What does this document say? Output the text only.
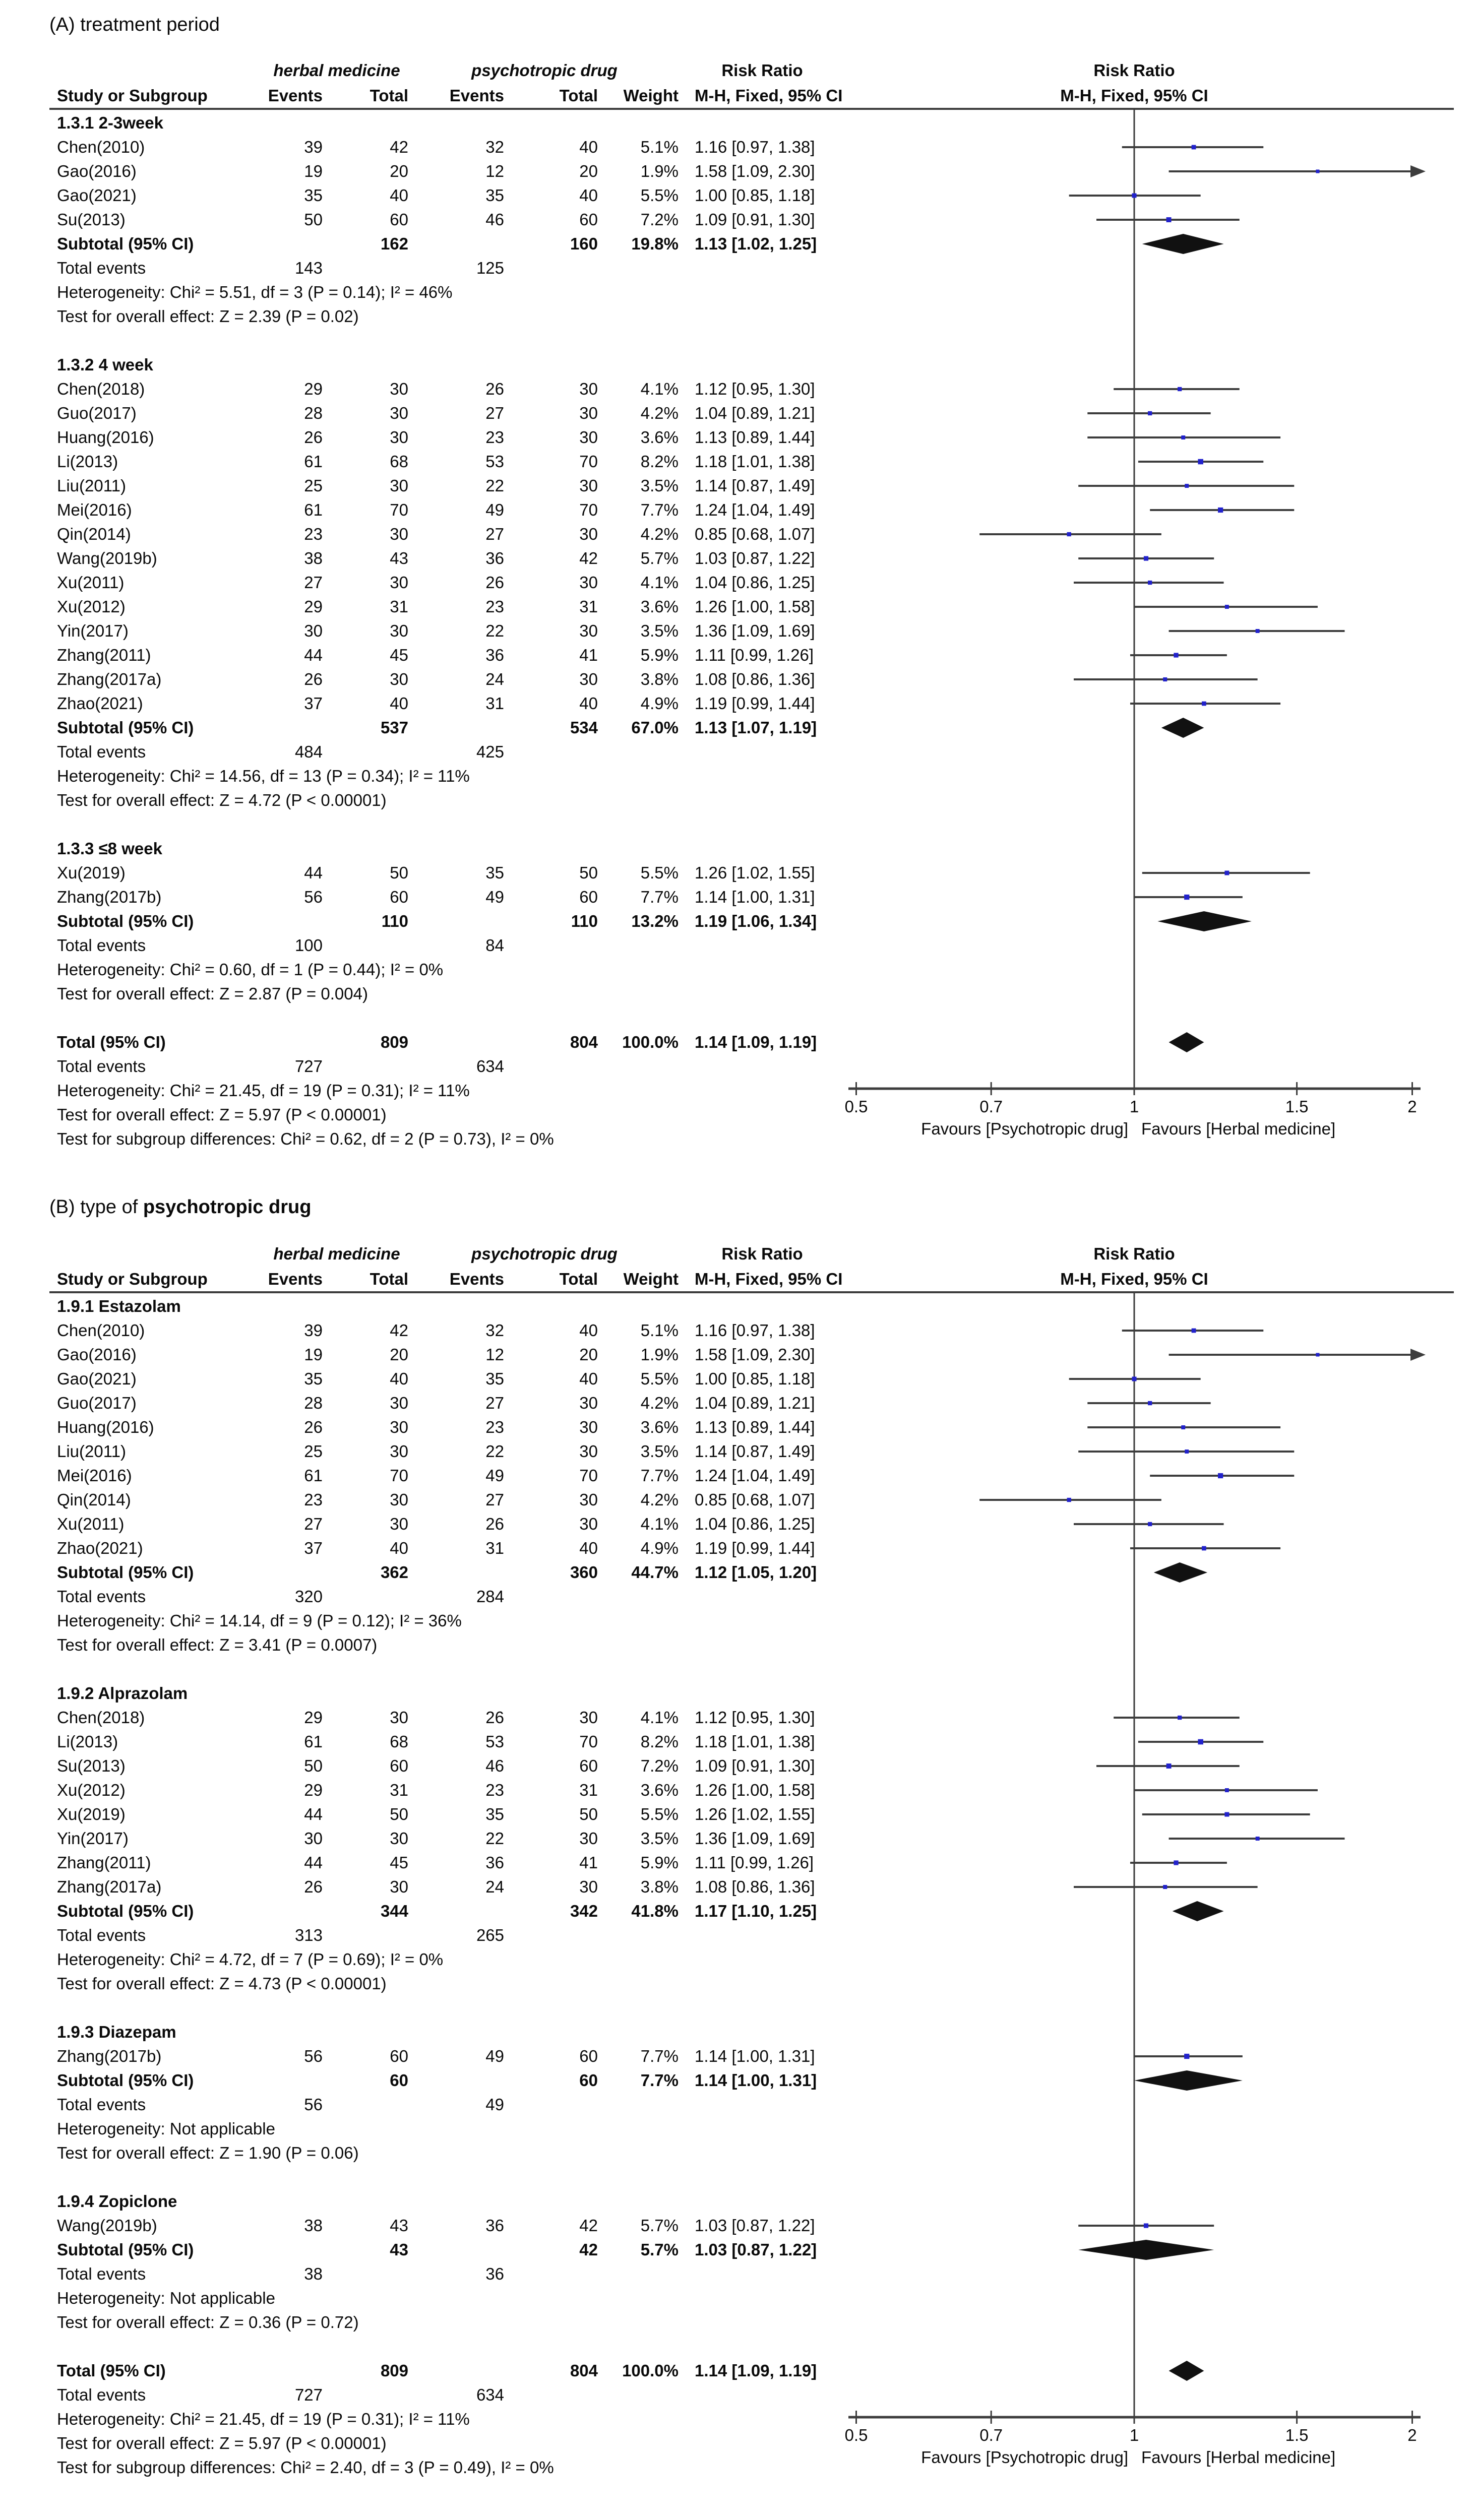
(A) treatment period
herbal medicine	psychotropic drug	Risk Ratio	Risk Ratio
Study or Subgroup	Events	Total	Events	Total	Weight M-H, Fixed, 95% CI	M-H, Fixed, 95% CI
1.3.1 2-3week
Chen(2010)	39	42	32	40	5.1% 1.16 [0.97, 1.38]
Gao(2016)	19	20	12	20	1.9% 1.58 [1.09, 2.30]
Gao(2021)	35	40	35	40	5.5% 1.00 [0.85, 1.18]
Su(2013)	50	60	46	60	7.2% 1.09 [0.91, 1.30]
Subtotal (95% CI)	162	160	19.8% 1.13 [1.02, 1.25]
Total events	143	125
Heterogeneity: Chi² = 5.51, df = 3 (P = 0.14); I² = 46%
Test for overall effect: Z = 2.39 (P = 0.02)
1.3.2 4 week
Chen(2018)	29	30	26	30	4.1% 1.12 [0.95, 1.30]
Guo(2017)	28	30	27	30	4.2% 1.04 [0.89, 1.21]
Huang(2016)	26	30	23	30	3.6% 1.13 [0.89, 1.44]
Li(2013)	61	68	53	70	8.2% 1.18 [1.01, 1.38]
Liu(2011)	25	30	22	30	3.5% 1.14 [0.87, 1.49]
Mei(2016)	61	70	49	70	7.7% 1.24 [1.04, 1.49]
Qin(2014)	23	30	27	30	4.2% 0.85 [0.68, 1.07]
Wang(2019b)	38	43	36	42	5.7% 1.03 [0.87, 1.22]
Xu(2011)	27	30	26	30	4.1% 1.04 [0.86, 1.25]
Xu(2012)	29	31	23	31	3.6% 1.26 [1.00, 1.58]
Yin(2017)	30	30	22	30	3.5% 1.36 [1.09, 1.69]
Zhang(2011)	44	45	36	41	5.9% 1.11 [0.99, 1.26]
Zhang(2017a)	26	30	24	30	3.8% 1.08 [0.86, 1.36]
Zhao(2021)	37	40	31	40	4.9% 1.19 [0.99, 1.44]
Subtotal (95% CI)	537	534	67.0% 1.13 [1.07, 1.19]
Total events	484	425
Heterogeneity: Chi² = 14.56, df = 13 (P = 0.34); I² = 11%
Test for overall effect: Z = 4.72 (P < 0.00001)
1.3.3 ≤8 week
Xu(2019)	44	50	35	50	5.5% 1.26 [1.02, 1.55]
Zhang(2017b)	56	60	49	60	7.7% 1.14 [1.00, 1.31]
Subtotal (95% CI)	110	110	13.2% 1.19 [1.06, 1.34]
Total events	100	84
Heterogeneity: Chi² = 0.60, df = 1 (P = 0.44); I² = 0%
Test for overall effect: Z = 2.87 (P = 0.004)
Total (95% CI)	809	804	100.0% 1.14 [1.09, 1.19]
Total events	727	634
Heterogeneity: Chi² = 21.45, df = 19 (P = 0.31); I² = 11%
Test for overall effect: Z = 5.97 (P < 0.00001)
Test for subgroup differences: Chi² = 0.62, df = 2 (P = 0.73), I² = 0%
0.5	0.7	1	1.5	2
Favours [Psychotropic drug] Favours [Herbal medicine]
(B) type of psychotropic drug
herbal medicine	psychotropic drug	Risk Ratio	Risk Ratio
Study or Subgroup	Events	Total	Events	Total	Weight M-H, Fixed, 95% CI	M-H, Fixed, 95% CI
1.9.1 Estazolam
Chen(2010)	39	42	32	40	5.1% 1.16 [0.97, 1.38]
Gao(2016)	19	20	12	20	1.9% 1.58 [1.09, 2.30]
Gao(2021)	35	40	35	40	5.5% 1.00 [0.85, 1.18]
Guo(2017)	28	30	27	30	4.2% 1.04 [0.89, 1.21]
Huang(2016)	26	30	23	30	3.6% 1.13 [0.89, 1.44]
Liu(2011)	25	30	22	30	3.5% 1.14 [0.87, 1.49]
Mei(2016)	61	70	49	70	7.7% 1.24 [1.04, 1.49]
Qin(2014)	23	30	27	30	4.2% 0.85 [0.68, 1.07]
Xu(2011)	27	30	26	30	4.1% 1.04 [0.86, 1.25]
Zhao(2021)	37	40	31	40	4.9% 1.19 [0.99, 1.44]
Subtotal (95% CI)	362	360	44.7% 1.12 [1.05, 1.20]
Total events	320	284
Heterogeneity: Chi² = 14.14, df = 9 (P = 0.12); I² = 36%
Test for overall effect: Z = 3.41 (P = 0.0007)
1.9.2 Alprazolam
Chen(2018)	29	30	26	30	4.1% 1.12 [0.95, 1.30]
Li(2013)	61	68	53	70	8.2% 1.18 [1.01, 1.38]
Su(2013)	50	60	46	60	7.2% 1.09 [0.91, 1.30]
Xu(2012)	29	31	23	31	3.6% 1.26 [1.00, 1.58]
Xu(2019)	44	50	35	50	5.5% 1.26 [1.02, 1.55]
Yin(2017)	30	30	22	30	3.5% 1.36 [1.09, 1.69]
Zhang(2011)	44	45	36	41	5.9% 1.11 [0.99, 1.26]
Zhang(2017a)	26	30	24	30	3.8% 1.08 [0.86, 1.36]
Subtotal (95% CI)	344	342	41.8% 1.17 [1.10, 1.25]
Total events	313	265
Heterogeneity: Chi² = 4.72, df = 7 (P = 0.69); I² = 0%
Test for overall effect: Z = 4.73 (P < 0.00001)
1.9.3 Diazepam
Zhang(2017b)	56	60	49	60	7.7% 1.14 [1.00, 1.31]
Subtotal (95% CI)	60	60	7.7% 1.14 [1.00, 1.31]
Total events	56	49
Heterogeneity: Not applicable
Test for overall effect: Z = 1.90 (P = 0.06)
1.9.4 Zopiclone
Wang(2019b)	38	43	36	42	5.7% 1.03 [0.87, 1.22]
Subtotal (95% CI)	43	42	5.7% 1.03 [0.87, 1.22]
Total events	38	36
Heterogeneity: Not applicable
Test for overall effect: Z = 0.36 (P = 0.72)
Total (95% CI)	809	804	100.0% 1.14 [1.09, 1.19]
Total events	727	634
Heterogeneity: Chi² = 21.45, df = 19 (P = 0.31); I² = 11%
Test for overall effect: Z = 5.97 (P < 0.00001)
Test for subgroup differences: Chi² = 2.40, df = 3 (P = 0.49), I² = 0%
0.5	0.7	1	1.5	2
Favours [Psychotropic drug] Favours [Herbal medicine]
